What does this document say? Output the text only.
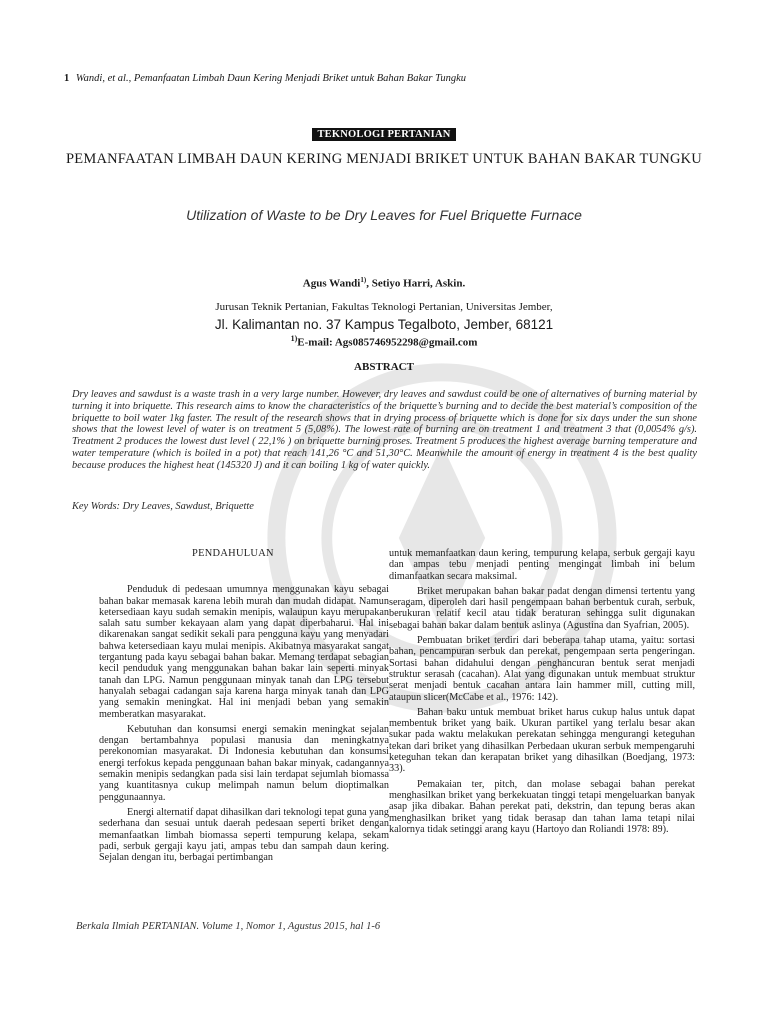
1 Wandi, et al., Pemanfaatan Limbah Daun Kering Menjadi Briket untuk Bahan Bakar Tungku
TEKNOLOGI PERTANIAN
PEMANFAATAN LIMBAH DAUN KERING MENJADI BRIKET UNTUK BAHAN BAKAR TUNGKU
Utilization of Waste to be Dry Leaves for Fuel Briquette Furnace
Agus Wandi$^{1)}$, Setiyo Harri, Askin.
Jurusan Teknik Pertanian, Fakultas Teknologi Pertanian, Universitas Jember,
Jl. Kalimantan no. 37 Kampus Tegalboto, Jember, 68121
$^{1)}$E-mail: Ags085746952298@gmail.com
ABSTRACT
Dry leaves and sawdust is a waste trash in a very large number. However, dry leaves and sawdust could be one of alternatives of burning material by turning it into briquette. This research aims to know the characteristics of the briquette’s burning and to decide the best material’s composition of the briquette to boil water 1kg faster. The result of the research shows that in drying process of briquette which is done for six days under the sun shone shows that the lowest level of water is on treatment 5 (5,08%). The lowest rate of burning are on treatment 1 and treatment 3 that (0,0054% g/s). Treatment 2 produces the lowest dust level ( 22,1% ) on briquette burning proses. Treatment 5 produces the highest average burning temperature and water temperature (which is boiled in a pot) that reach 141,26 °C and 51,30°C. Meanwhile the amount of energy in treatment 4 is the best quality because produces the highest heat (145320 J) and it can boiling 1 kg of water quickly.
Key Words: Dry Leaves, Sawdust, Briquette
PENDAHULUAN

Penduduk di pedesaan umumnya menggunakan kayu sebagai bahan bakar memasak karena lebih murah dan mudah didapat. Namun ketersediaan kayu sudah semakin menipis, walaupun kayu merupakan salah satu sumber kekayaan alam yang dapat diperbaharui. Hal ini dikarenakan sangat sedikit sekali para pengguna kayu yang menyadari bahwa ketersediaan kayu mulai menipis. Akibatnya masyarakat sangat tergantung pada kayu sebagai bahan bakar. Memang terdapat sebagian kecil penduduk yang menggunakan bahan bakar lain seperti minyak tanah dan LPG. Namun penggunaan minyak tanah dan LPG tersebut hanyalah sebagai cadangan saja karena harga minyak tanah dan LPG yang semakin meningkat. Hal ini menjadi beban yang semakin memberatkan masyarakat.

Kebutuhan dan konsumsi energi semakin meningkat sejalan dengan bertambahnya populasi manusia dan meningkatnya perekonomian masyarakat. Di Indonesia kebutuhan dan konsumsi energi terfokus kepada penggunaan bahan bakar minyak, cadangannya semakin menipis sedangkan pada sisi lain terdapat sejumlah biomassa yang kuantitasnya cukup melimpah namun belum dioptimalkan penggunaannya.

Energi alternatif dapat dihasilkan dari teknologi tepat guna yang sederhana dan sesuai untuk daerah pedesaan seperti briket dengan memanfaatkan limbah biomassa seperti tempurung kelapa, sekam padi, serbuk gergaji kayu jati, ampas tebu dan sampah daun kering. Sejalan dengan itu, berbagai pertimbangan

untuk memanfaatkan daun kering, tempurung kelapa, serbuk gergaji kayu dan ampas tebu menjadi penting mengingat limbah ini belum dimanfaatkan secara maksimal.

Briket merupakan bahan bakar padat dengan dimensi tertentu yang seragam, diperoleh dari hasil pengempaan bahan berbentuk curah, serbuk, berukuran relatif kecil atau tidak beraturan sehingga sulit digunakan sebagai bahan bakar dalam bentuk aslinya (Agustina dan Syafrian, 2005).

Pembuatan briket terdiri dari beberapa tahap utama, yaitu: sortasi bahan, pencampuran serbuk dan perekat, pengempaan serta pengeringan. Sortasi bahan didahului dengan penghancuran bentuk serat menjadi struktur serasah (cacahan). Alat yang digunakan untuk membuat struktur serat menjadi bentuk cacahan antara lain hammer mill, cutting mill, ataupun slicer(McCabe et al., 1976: 142).

Bahan baku untuk membuat briket harus cukup halus untuk dapat membentuk briket yang baik. Ukuran partikel yang terlalu besar akan sukar pada waktu melakukan perekatan sehingga mengurangi keteguhan tekan dari briket yang dihasilkan Perbedaan ukuran serbuk mempengaruhi keteguhan tekan dan kerapatan briket yang dihasilkan (Boedjang, 1973: 33).

Pemakaian ter, pitch, dan molase sebagai bahan perekat menghasilkan briket yang berkekuatan tinggi tetapi mengeluarkan banyak asap jika dibakar. Bahan perekat pati, dekstrin, dan tepung beras akan menghasilkan briket yang tidak berasap dan tahan lama tetapi nilai kalornya tidak setinggi arang kayu (Hartoyo dan Roliandi 1978: 89).

Berkala Ilmiah PERTANIAN. Volume 1, Nomor 1, Agustus 2015, hal 1-6
